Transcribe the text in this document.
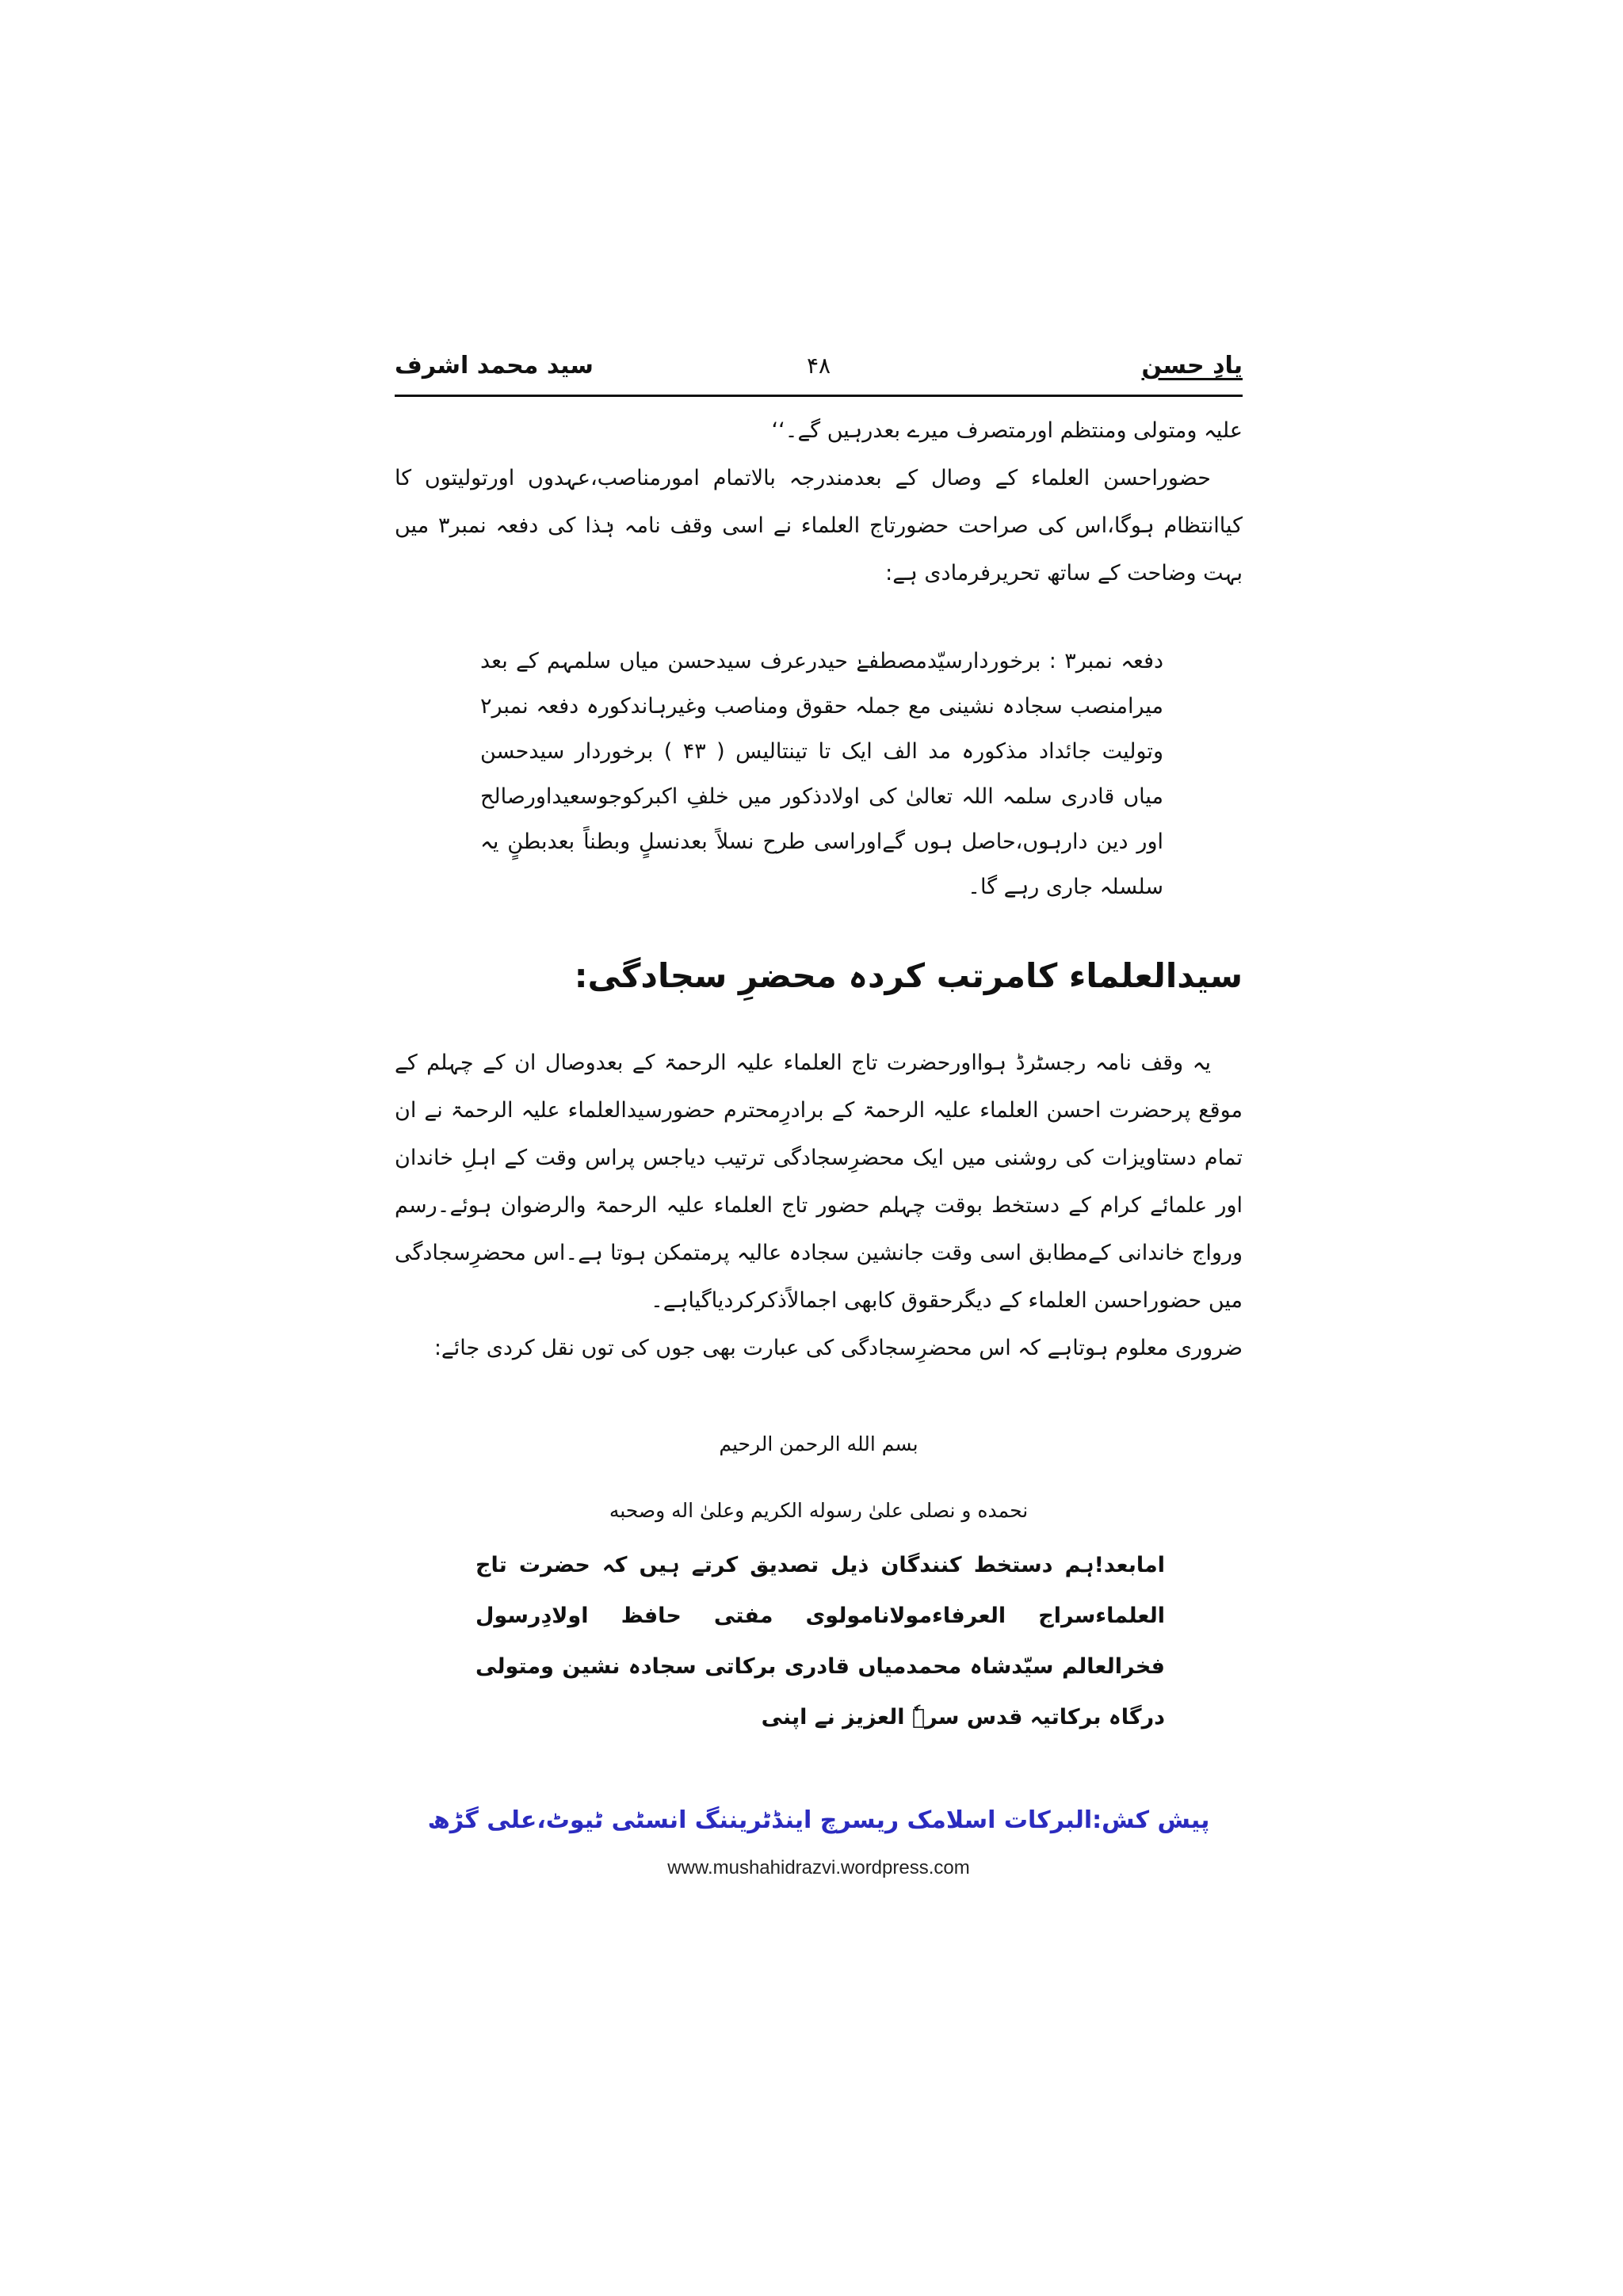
یادِ حسن
۴۸
سید محمد اشرف

علیہ ومتولی ومنتظم اورمتصرف میرے بعدرہیں گے۔‘‘

حضوراحسن العلماء کے وصال کے بعدمندرجہ بالاتمام امورمناصب،عہدوں اورتولیتوں کا کیاانتظام ہوگا،اس کی صراحت حضورتاج العلماء نے اسی وقف نامہ ہٰذا کی دفعہ نمبر۳ میں بہت وضاحت کے ساتھ تحریرفرمادی ہے:

دفعہ نمبر۳ : برخوردارسیّدمصطفےٰ حیدرعرف سیدحسن میاں سلمہم کے بعد میرامنصب سجادہ نشینی مع جملہ حقوق ومناصب وغیرہاندکورہ دفعہ نمبر۲ وتولیت جائداد مذکورہ مد الف ایک تا تینتالیس ( ۴۳ ) برخوردار سیدحسن میاں قادری سلمہ اللہ تعالیٰ کی اولادذکور میں خلفِ اکبرکوجوسعیداورصالح اور دین دارہوں،حاصل ہوں گےاوراسی طرح نسلاً بعدنسلٍ وبطناً بعدبطنٍ یہ سلسلہ جاری رہے گا۔

سیدالعلماء کامرتب کردہ محضرِ سجادگی:

یہ وقف نامہ رجسٹرڈ ہوااورحضرت تاج العلماء علیہ الرحمۃ کے بعدوصال ان کے چہلم کے موقع پرحضرت احسن العلماء علیہ الرحمۃ کے برادرِمحترم حضورسیدالعلماء علیہ الرحمۃ نے ان تمام دستاویزات کی روشنی میں ایک محضرِسجادگی ترتیب دیاجس پراس وقت کے اہلِ خاندان اور علمائے کرام کے دستخط بوقت چہلم حضور تاج العلماء علیہ الرحمۃ والرضوان ہوئے۔رسم ورواج خاندانی کےمطابق اسی وقت جانشین سجادہ عالیہ پرمتمکن ہوتا ہے۔اس محضرِسجادگی میں حضوراحسن العلماء کے دیگرحقوق کابھی اجمالاًذکرکردیاگیاہے۔

ضروری معلوم ہوتاہے کہ اس محضرِسجادگی کی عبارت بھی جوں کی توں نقل کردی جائے:

بسم الله الرحمن الرحیم
نحمده و نصلی علیٰ رسوله الكريم وعلیٰ اله وصحبه

امابعد!ہم دستخط کنندگان ذیل تصدیق کرتے ہیں کہ حضرت تاج العلماءسراج العرفاءمولانامولوی مفتی حافظ اولادِرسول فخرالعالم سیّدشاہ محمدمیاں قادری برکاتی سجادہ نشین ومتولی درگاہ برکاتیہ قدس سرہٗ العزیز نے اپنی

پیش کش:البرکات اسلامک ریسرچ اینڈٹریننگ انسٹی ٹیوٹ،علی گڑھ
www.mushahidrazvi.wordpress.com
